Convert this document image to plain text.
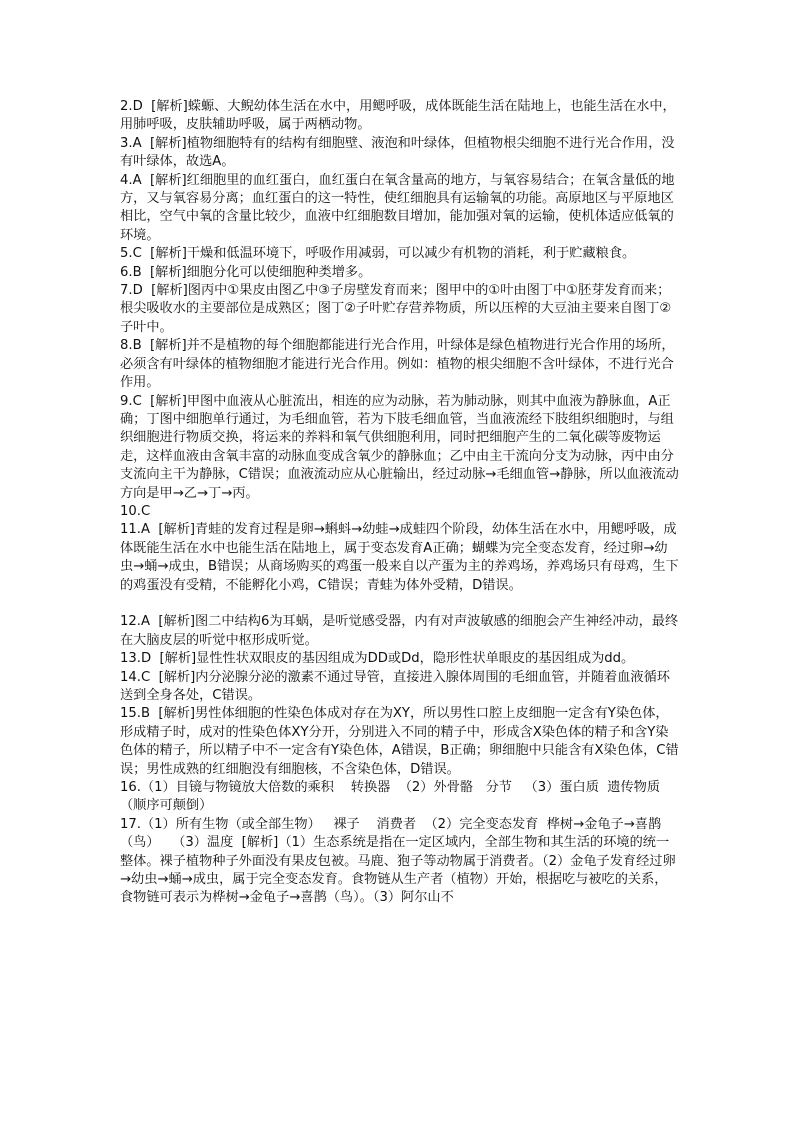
2.D  [解析]蝾螈、大鲵幼体生活在水中，用鳃呼吸，成体既能生活在陆地上，也能生活在水中，用肺呼吸，皮肤辅助呼吸，属于两栖动物。

3.A  [解析]植物细胞特有的结构有细胞壁、液泡和叶绿体，但植物根尖细胞不进行光合作用，没有叶绿体，故选A。

4.A  [解析]红细胞里的血红蛋白，血红蛋白在氧含量高的地方，与氧容易结合；在氧含量低的地方，又与氧容易分离；血红蛋白的这一特性，使红细胞具有运输氧的功能。高原地区与平原地区相比，空气中氧的含量比较少，血液中红细胞数目增加，能加强对氧的运输，使机体适应低氧的环境。

5.C  [解析]干燥和低温环境下，呼吸作用减弱，可以减少有机物的消耗，利于贮藏粮食。

6.B  [解析]细胞分化可以使细胞种类增多。

7.D  [解析]图丙中①果皮由图乙中③子房壁发育而来；图甲中的①叶由图丁中①胚芽发育而来；根尖吸收水的主要部位是成熟区；图丁②子叶贮存营养物质，所以压榨的大豆油主要来自图丁②子叶中。

8.B  [解析]并不是植物的每个细胞都能进行光合作用，叶绿体是绿色植物进行光合作用的场所，必须含有叶绿体的植物细胞才能进行光合作用。例如：植物的根尖细胞不含叶绿体，不进行光合作用。

9.C  [解析]甲图中血液从心脏流出，相连的应为动脉，若为肺动脉，则其中血液为静脉血，A正确；丁图中细胞单行通过，为毛细血管，若为下肢毛细血管，当血液流经下肢组织细胞时，与组织细胞进行物质交换，将运来的养料和氧气供细胞利用，同时把细胞产生的二氧化碳等废物运走，这样血液由含氧丰富的动脉血变成含氧少的静脉血；乙中由主干流向分支为动脉，丙中由分支流向主干为静脉，C错误；血液流动应从心脏输出，经过动脉→毛细血管→静脉，所以血液流动方向是甲→乙→丁→丙。

10.C

11.A  [解析]青蛙的发育过程是卵→蝌蚪→幼蛙→成蛙四个阶段，幼体生活在水中，用鳃呼吸，成体既能生活在水中也能生活在陆地上，属于变态发育A正确；蝴蝶为完全变态发育，经过卵→幼虫→蛹→成虫，B错误；从商场购买的鸡蛋一般来自以产蛋为主的养鸡场，养鸡场只有母鸡，生下的鸡蛋没有受精，不能孵化小鸡，C错误；青蛙为体外受精，D错误。

12.A  [解析]图二中结构6为耳蜗，是听觉感受器，内有对声波敏感的细胞会产生神经冲动，最终在大脑皮层的听觉中枢形成听觉。

13.D  [解析]显性性状双眼皮的基因组成为DD或Dd，隐形性状单眼皮的基因组成为dd。

14.C  [解析]内分泌腺分泌的激素不通过导管，直接进入腺体周围的毛细血管，并随着血液循环送到全身各处，C错误。

15.B  [解析]男性体细胞的性染色体成对存在为XY，所以男性口腔上皮细胞一定含有Y染色体，形成精子时，成对的性染色体XY分开，分别进入不同的精子中，形成含X染色体的精子和含Y染色体的精子，所以精子中不一定含有Y染色体，A错误，B正确；卵细胞中只能含有X染色体，C错误；男性成熟的红细胞没有细胞核，不含染色体，D错误。

16.（1）目镜与物镜放大倍数的乘积    转换器  （2）外骨骼   分节   （3）蛋白质  遗传物质  （顺序可颠倒）

17.（1）所有生物（或全部生物）   裸子    消费者  （2）完全变态发育  桦树→金龟子→喜鹊（鸟）   （3）温度  [解析]（1）生态系统是指在一定区域内，全部生物和其生活的环境的统一整体。裸子植物种子外面没有果皮包被。马鹿、狍子等动物属于消费者。（2）金龟子发育经过卵→幼虫→蛹→成虫，属于完全变态发育。食物链从生产者（植物）开始，根据吃与被吃的关系，食物链可表示为桦树→金龟子→喜鹊（鸟）。（3）阿尔山不
